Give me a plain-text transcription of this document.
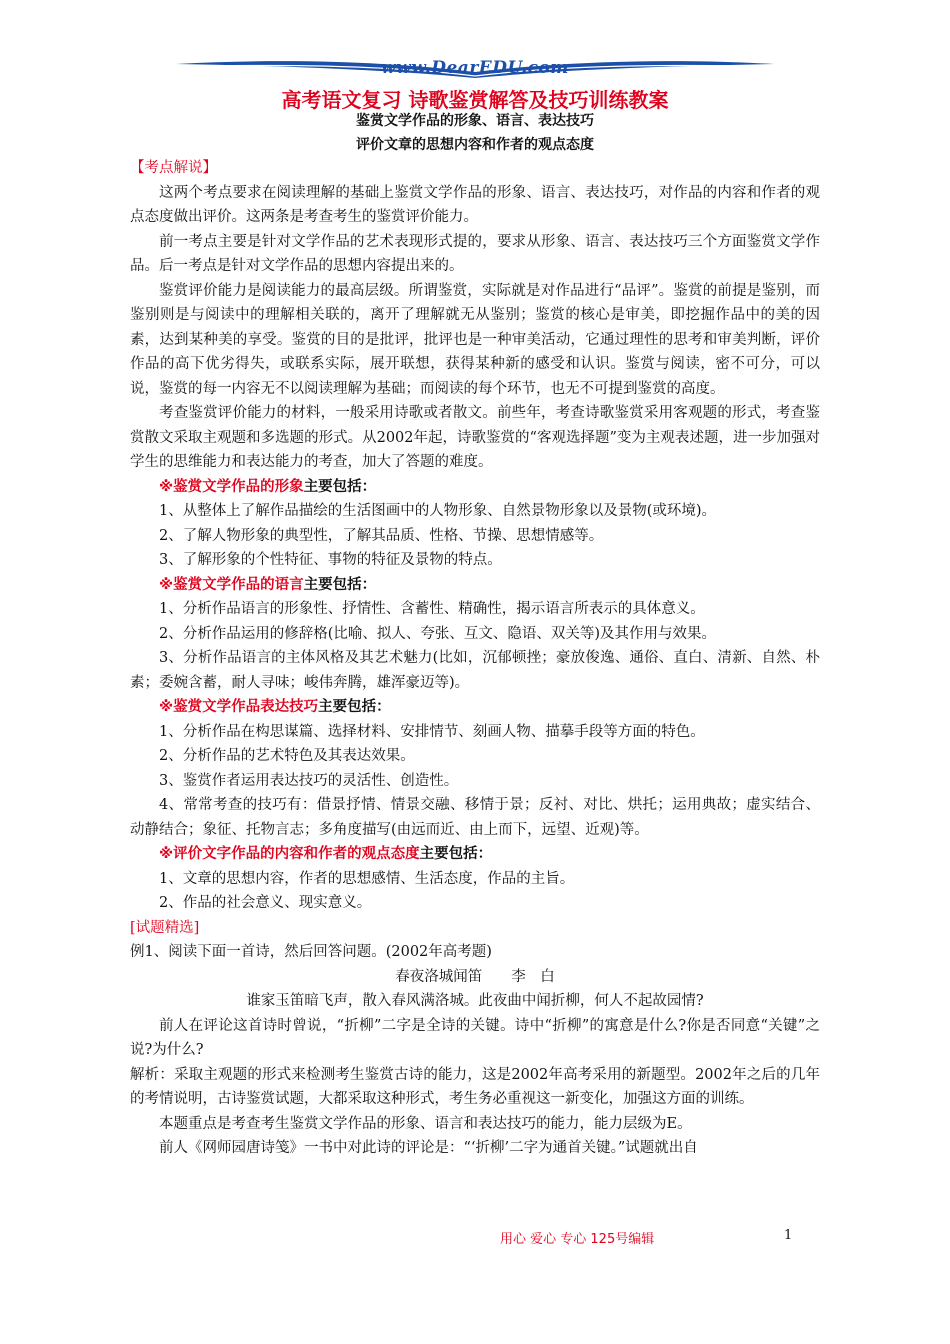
www.DearEDU.com
高考语文复习 诗歌鉴赏解答及技巧训练教案
鉴赏文学作品的形象、语言、表达技巧
评价文章的思想内容和作者的观点态度

【考点解说】

这两个考点要求在阅读理解的基础上鉴赏文学作品的形象、语言、表达技巧，对作品的内容和作者的观点态度做出评价。这两条是考查考生的鉴赏评价能力。

前一考点主要是针对文学作品的艺术表现形式提的，要求从形象、语言、表达技巧三个方面鉴赏文学作品。后一考点是针对文学作品的思想内容提出来的。

鉴赏评价能力是阅读能力的最高层级。所谓鉴赏，实际就是对作品进行“品评”。鉴赏的前提是鉴别，而鉴别则是与阅读中的理解相关联的，离开了理解就无从鉴别；鉴赏的核心是审美，即挖掘作品中的美的因素，达到某种美的享受。鉴赏的目的是批评，批评也是一种审美活动，它通过理性的思考和审美判断，评价作品的高下优劣得失，或联系实际，展开联想，获得某种新的感受和认识。鉴赏与阅读，密不可分，可以说，鉴赏的每一内容无不以阅读理解为基础；而阅读的每个环节，也无不可提到鉴赏的高度。

考查鉴赏评价能力的材料，一般采用诗歌或者散文。前些年，考查诗歌鉴赏采用客观题的形式，考查鉴赏散文采取主观题和多选题的形式。从2002年起，诗歌鉴赏的“客观选择题”变为主观表述题，进一步加强对学生的思维能力和表达能力的考查，加大了答题的难度。

※鉴赏文学作品的形象主要包括：

1、从整体上了解作品描绘的生活图画中的人物形象、自然景物形象以及景物(或环境)。

2、了解人物形象的典型性，了解其品质、性格、节操、思想情感等。

3、了解形象的个性特征、事物的特征及景物的特点。

※鉴赏文学作品的语言主要包括：

1、分析作品语言的形象性、抒情性、含蓄性、精确性，揭示语言所表示的具体意义。

2、分析作品运用的修辞格(比喻、拟人、夸张、互文、隐语、双关等)及其作用与效果。

3、分析作品语言的主体风格及其艺术魅力(比如，沉郁顿挫；豪放俊逸、通俗、直白、清新、自然、朴素；委婉含蓄，耐人寻味；峻伟奔腾，雄浑豪迈等)。

※鉴赏文学作品表达技巧主要包括：

1、分析作品在构思谋篇、选择材料、安排情节、刻画人物、描摹手段等方面的特色。

2、分析作品的艺术特色及其表达效果。

3、鉴赏作者运用表达技巧的灵活性、创造性。

4、常常考查的技巧有：借景抒情、情景交融、移情于景；反衬、对比、烘托；运用典故；虚实结合、动静结合；象征、托物言志；多角度描写(由远而近、由上而下，远望、近观)等。

※评价文字作品的内容和作者的观点态度主要包括：

1、文章的思想内容，作者的思想感情、生活态度，作品的主旨。

2、作品的社会意义、现实意义。

[试题精选]

例1、阅读下面一首诗，然后回答问题。(2002年高考题)

春夜洛城闻笛　　李　白

谁家玉笛暗飞声，散入春风满洛城。此夜曲中闻折柳，何人不起故园情?

前人在评论这首诗时曾说，“折柳”二字是全诗的关键。诗中“折柳”的寓意是什么?你是否同意“关键”之说?为什么?

解析：采取主观题的形式来检测考生鉴赏古诗的能力，这是2002年高考采用的新题型。2002年之后的几年的考情说明，古诗鉴赏试题，大都采取这种形式，考生务必重视这一新变化，加强这方面的训练。

本题重点是考查考生鉴赏文学作品的形象、语言和表达技巧的能力，能力层级为E。

前人《网师园唐诗笺》一书中对此诗的评论是：“‘折柳’二字为通首关键。”试题就出自

用心 爱心 专心 125号编辑	1
